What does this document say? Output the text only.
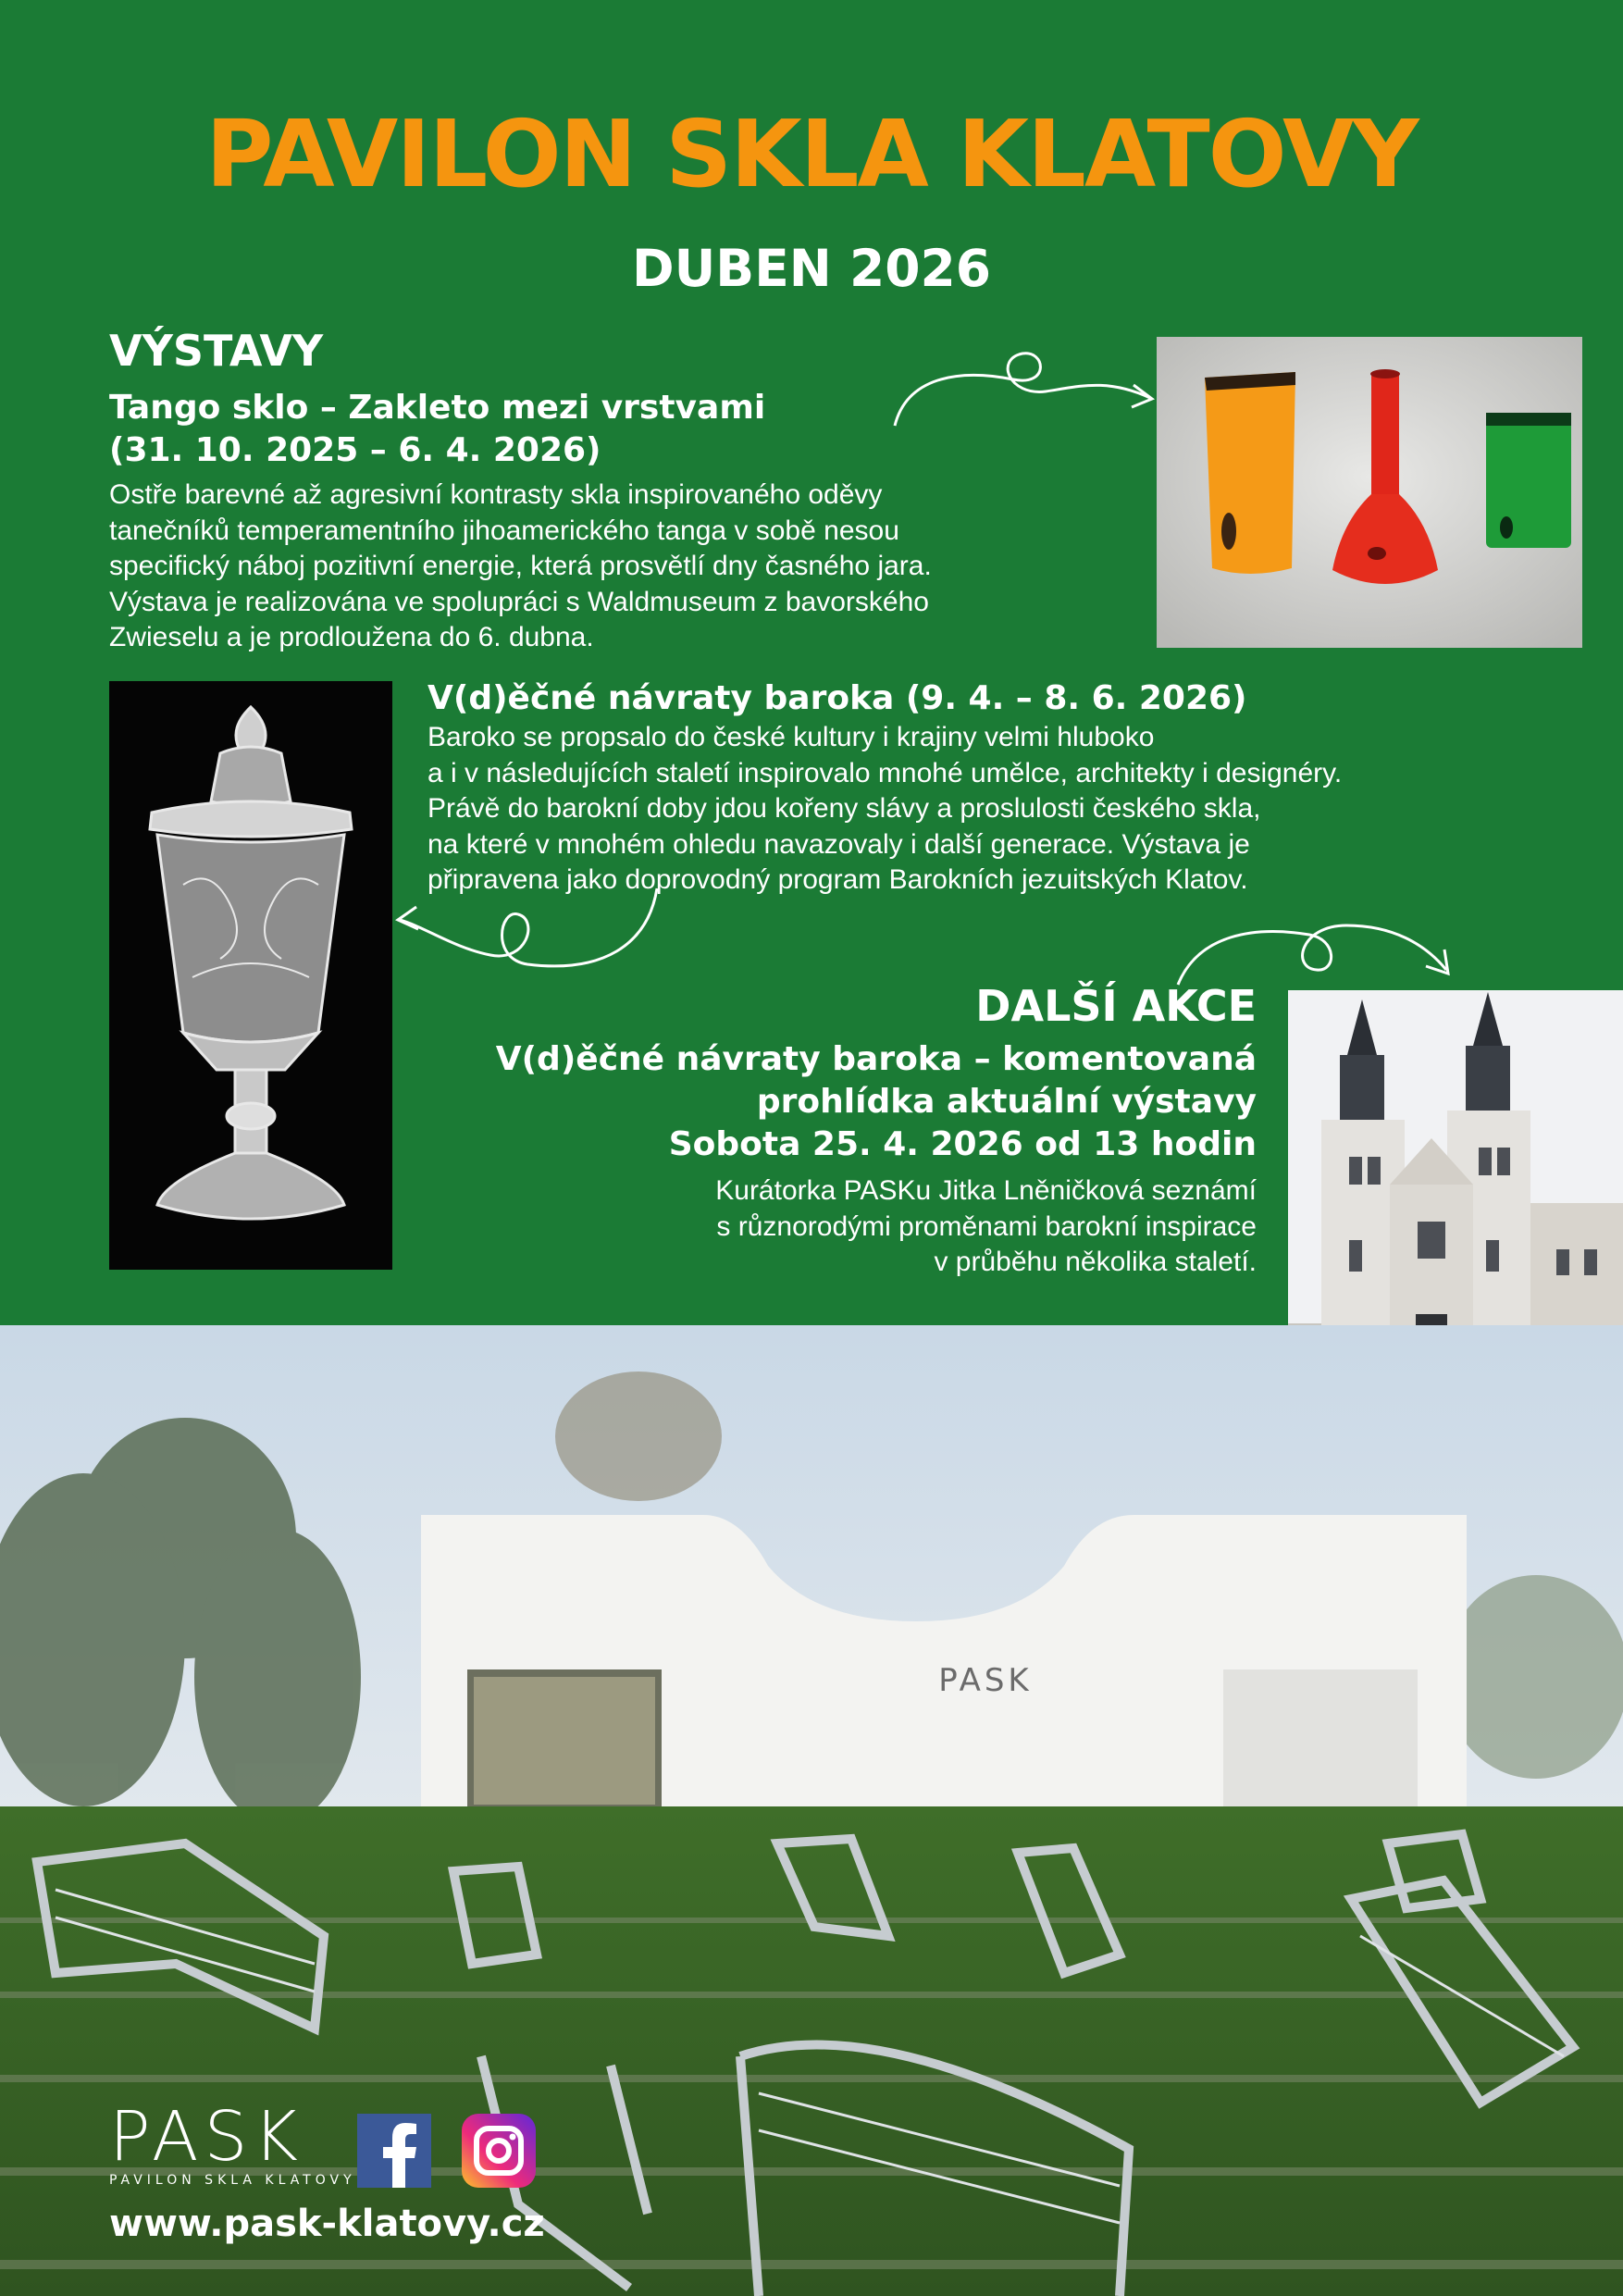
PAVILON SKLA KLATOVY
DUBEN 2026
VÝSTAVY
Tango sklo – Zakleto mezi vrstvami
(31. 10. 2025 – 6. 4. 2026)
Ostře barevné až agresivní kontrasty skla inspirovaného oděvy
tanečníků temperamentního jihoamerického tanga v sobě nesou
specifický náboj pozitivní energie, která prosvětlí dny časného jara.
Výstava je realizována ve spolupráci s Waldmuseum z bavorského
Zwieselu a je prodloužena do 6. dubna.
V(d)ěčné návraty baroka (9. 4. – 8. 6. 2026)
Baroko se propsalo do české kultury i krajiny velmi hluboko
a i v následujících staletí inspirovalo mnohé umělce, architekty i designéry.
Právě do barokní doby jdou kořeny slávy a proslulosti českého skla,
na které v mnohém ohledu navazovaly i další generace. Výstava je
připravena jako doprovodný program Barokních jezuitských Klatov.
DALŠÍ AKCE
V(d)ěčné návraty baroka – komentovaná
prohlídka aktuální výstavy
Sobota 25. 4. 2026 od 13 hodin
Kurátorka PASKu Jitka Lněničková seznámí
s různorodými proměnami barokní inspirace
v průběhu několika staletí.
PASK
PASK
PAVILON SKLA KLATOVY
www.pask-klatovy.cz
